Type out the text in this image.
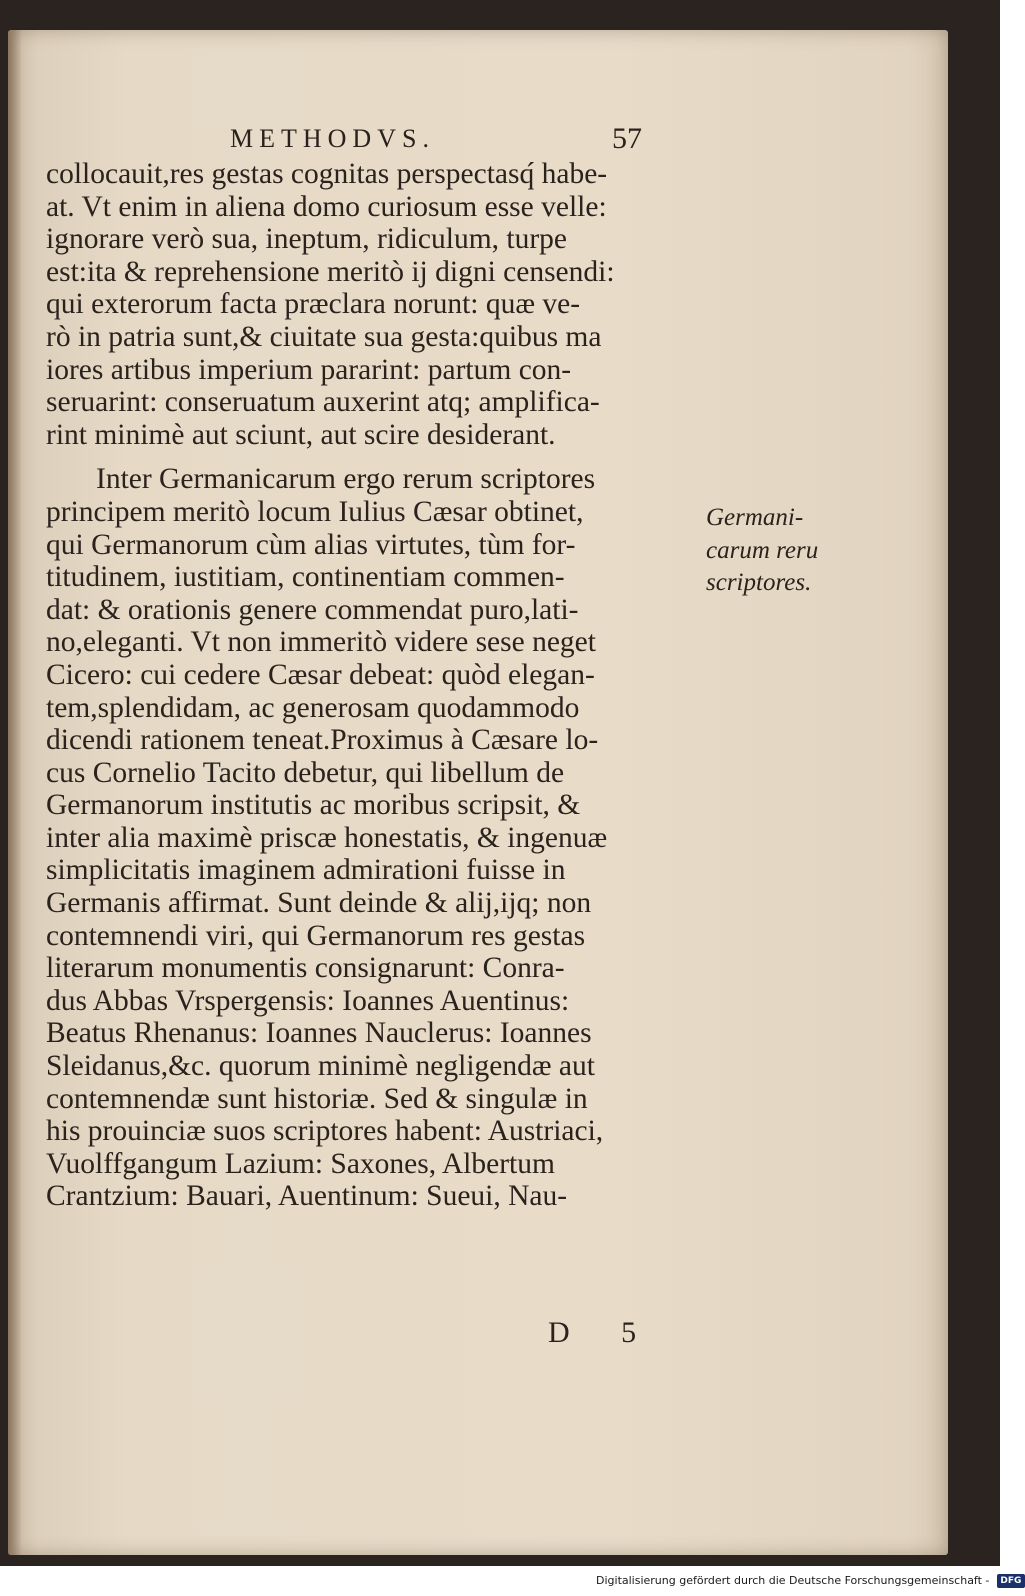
METHODVS.	57
collocauit,res gestas cognitas perspectasq́ habe-
at. Vt enim in aliena domo curiosum esse velle:
ignorare verò sua, ineptum, ridiculum, turpe
est:ita & reprehensione meritò ij digni censendi:
qui exterorum facta præclara norunt: quæ ve-
rò in patria sunt,& ciuitate sua gesta:quibus ma
iores artibus imperium pararint: partum con-
seruarint: conseruatum auxerint atq; amplifica-
rint minimè aut sciunt, aut scire desiderant.
Inter Germanicarum ergo rerum scriptores
principem meritò locum Iulius Cæsar obtinet,
qui Germanorum cùm alias virtutes, tùm for-
titudinem, iustitiam, continentiam commen-
dat: & orationis genere commendat puro,lati-
no,eleganti. Vt non immeritò videre sese neget
Cicero: cui cedere Cæsar debeat: quòd elegan-
tem,splendidam, ac generosam quodammodo
dicendi rationem teneat.Proximus à Cæsare lo-
cus Cornelio Tacito debetur, qui libellum de
Germanorum institutis ac moribus scripsit, &
inter alia maximè priscæ honestatis, & ingenuæ
simplicitatis imaginem admirationi fuisse in
Germanis affirmat. Sunt deinde & alij,ijq; non
contemnendi viri, qui Germanorum res gestas
literarum monumentis consignarunt: Conra-
dus Abbas Vrspergensis: Ioannes Auentinus:
Beatus Rhenanus: Ioannes Nauclerus: Ioannes
Sleidanus,&c. quorum minimè negligendæ aut
contemnendæ sunt historiæ. Sed & singulæ in
his prouinciæ suos scriptores habent: Austriaci,
Vuolffgangum Lazium: Saxones, Albertum
Crantzium: Bauari, Auentinum: Sueui, Nau-
Germani-
carum reru
scriptores.
D 5
Digitalisierung gefördert durch die Deutsche Forschungsgemeinschaft - DFG
